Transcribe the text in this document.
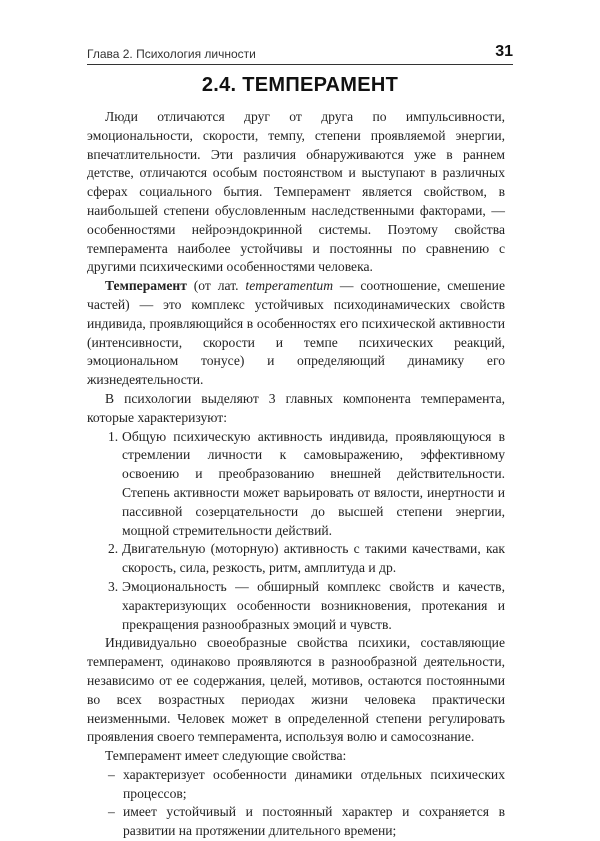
Глава 2. Психология личности	31
2.4. ТЕМПЕРАМЕНТ

Люди отличаются друг от друга по импульсивности, эмоциональности, скорости, темпу, степени проявляемой энергии, впечатлительности. Эти различия обнаруживаются уже в раннем детстве, отличаются особым постоянством и выступают в различных сферах социального бытия. Темперамент является свойством, в наибольшей степени обусловленным наследственными факторами, — особенностями нейроэндокринной системы. Поэтому свойства темперамента наиболее устойчивы и постоянны по сравнению с другими психическими особенностями человека.

Темперамент (от лат. temperamentum — соотношение, смешение частей) — это комплекс устойчивых психодинамических свойств индивида, проявляющийся в особенностях его психической активности (интенсивности, скорости и темпе психических реакций, эмоциональном тонусе) и определяющий динамику его жизнедеятельности.

В психологии выделяют 3 главных компонента темперамента, которые характеризуют:

1. Общую психическую активность индивида, проявляющуюся в стремлении личности к самовыражению, эффективному освоению и преобразованию внешней действительности. Степень активности может варьировать от вялости, инертности и пассивной созерцательности до высшей степени энергии, мощной стремительности действий.
2. Двигательную (моторную) активность с такими качествами, как скорость, сила, резкость, ритм, амплитуда и др.
3. Эмоциональность — обширный комплекс свойств и качеств, характеризующих особенности возникновения, протекания и прекращения разнообразных эмоций и чувств.

Индивидуально своеобразные свойства психики, составляющие темперамент, одинаково проявляются в разнообразной деятельности, независимо от ее содержания, целей, мотивов, остаются постоянными во всех возрастных периодах жизни человека практически неизменными. Человек может в определенной степени регулировать проявления своего темперамента, используя волю и самосознание.

Темперамент имеет следующие свойства:

– характеризует особенности динамики отдельных психических процессов;
– имеет устойчивый и постоянный характер и сохраняется в развитии на протяжении длительного времени;
